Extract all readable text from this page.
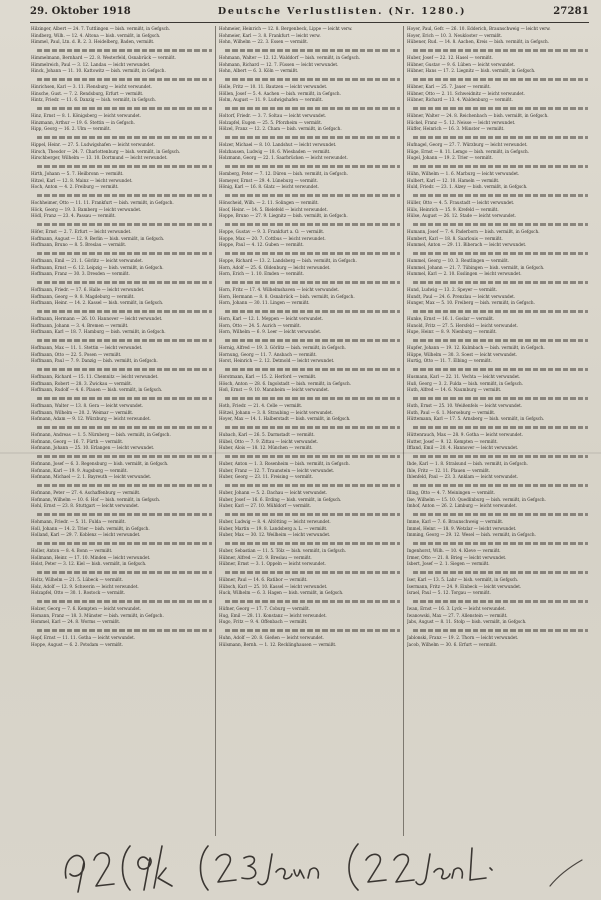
29. Oktober 1918	Deutsche Verlustlisten. (Nr. 1280.)	27281
Hilzinger, Albert — 24. 7. Tuttlingen — bish. vermißt, in Gefgsch.
Hindberg, Wilh. — 12. 4. Altona — bish. vermißt, in Gefgsch.
Himmel, Paul, Ltn. d. R. 2. 3. Heidelberg, Baden, vermißt.
Himmelmann, Bernhard — 22. 8. Westerfeld, Osnabrück — vermißt.
Himmelreich, Paul — 3. 12. Landau — leicht verwundet.
Hinck, Johann — 11. 10. Kattowitz — bish. vermißt, in Gefgsch.
Hinrichsen, Karl — 3. 11. Flensburg — leicht verwundet.
Hinsche, Gust. — 7. 2. Rendsburg, Erfurt — vermißt.
Hintz, Friedr. — 11. 6. Danzig — bish. vermißt, in Gefgsch.
Hinz, Ernst — 8. 1. Königsberg — leicht verwundet.
Hinzmann, Arthur — 19. 6. Stettin — in Gefgsch.
Hipp, Georg — 16. 2. Ulm — vermißt.
Hippel, Heinr. — 27. 5. Ludwigshafen — leicht verwundet.
Hirsch, Theodor — 24. 7. Charlottenburg — bish. vermißt, in Gefgsch.
Hirschberger, Wilhelm — 13. 10. Dortmund — leicht verwundet.
Hirth, Johann — 5. 7. Heilbronn — vermißt.
Hitzel, Karl — 12. 8. Mainz — leicht verwundet.
Hoch, Anton — 4. 2. Freiburg — vermißt.
Hochheimer, Otto — 11. 11. Frankfurt — bish. vermißt, in Gefgsch.
Höck, Georg — 19. 3. Bamberg — leicht verwundet.
Hödl, Franz — 23. 4. Passau — vermißt.
Höfer, Ernst — 2. 7. Erfurt — leicht verwundet.
Hoffmann, August — 12. 9. Berlin — bish. vermißt, in Gefgsch.
Hoffmann, Bruno — 8. 5. Breslau — vermißt.
Hoffmann, Emil — 21. 1. Görlitz — leicht verwundet.
Hoffmann, Ernst — 6. 12. Leipzig — bish. vermißt, in Gefgsch.
Hoffmann, Franz — 30. 3. Dresden — vermißt.
Hoffmann, Friedr. — 17. 6. Halle — leicht verwundet.
Hoffmann, Georg — 9. 8. Magdeburg — vermißt.
Hoffmann, Heinr. — 14. 2. Kassel — bish. vermißt, in Gefgsch.
Hoffmann, Hermann — 26. 10. Hannover — leicht verwundet.
Hoffmann, Johann — 3. 4. Bremen — vermißt.
Hoffmann, Karl — 18. 7. Hamburg — bish. vermißt, in Gefgsch.
Hoffmann, Max — 11. 1. Stettin — leicht verwundet.
Hoffmann, Otto — 22. 5. Posen — vermißt.
Hoffmann, Paul — 7. 9. Danzig — bish. vermißt, in Gefgsch.
Hoffmann, Richard — 15. 11. Chemnitz — leicht verwundet.
Hoffmann, Robert — 28. 3. Zwickau — vermißt.
Hoffmann, Rudolf — 4. 6. Plauen — bish. vermißt, in Gefgsch.
Hoffmann, Walter — 13. 8. Gera — leicht verwundet.
Hoffmann, Wilhelm — 20. 2. Weimar — vermißt.
Hofmann, Adam — 9. 12. Würzburg — leicht verwundet.
Hofmann, Andreas — 1. 5. Nürnberg — bish. vermißt, in Gefgsch.
Hofmann, Georg — 16. 7. Fürth — vermißt.
Hofmann, Johann — 25. 10. Erlangen — leicht verwundet.
Hofmann, Josef — 6. 3. Regensburg — bish. vermißt, in Gefgsch.
Hofmann, Karl — 19. 9. Augsburg — vermißt.
Hofmann, Michael — 2. 1. Bayreuth — leicht verwundet.
Hofmann, Peter — 27. 4. Aschaffenburg — vermißt.
Hofmann, Wilhelm — 10. 6. Hof — bish. vermißt, in Gefgsch.
Hohl, Ernst — 23. 8. Stuttgart — leicht verwundet.
Hohmann, Friedr. — 5. 11. Fulda — vermißt.
Holl, Johann — 14. 2. Trier — bish. vermißt, in Gefgsch.
Holland, Karl — 29. 7. Koblenz — leicht verwundet.
Holler, Anton — 8. 4. Bonn — vermißt.
Hollmann, Heinr. — 17. 10. Minden — leicht verwundet.
Holst, Peter — 3. 12. Kiel — bish. vermißt, in Gefgsch.
Holtz, Wilhelm — 21. 5. Lübeck — vermißt.
Holz, Adolf — 12. 9. Schwerin — leicht verwundet.
Holzapfel, Otto — 30. 1. Rostock — vermißt.
Holzer, Georg — 7. 6. Kempten — leicht verwundet.
Homann, Franz — 18. 3. Münster — bish. vermißt, in Gefgsch.
Hommel, Karl — 24. 8. Worms — vermißt.
Hopf, Ernst — 11. 11. Gotha — leicht verwundet.
Hoppe, August — 6. 2. Potsdam — vermißt.
Hohmeier, Heinrich — 12. 8. Bergenbeck, Lippe — leicht verw.
Hohmeier, Karl — 3. 8. Frankfurt — leicht verw.
Hohn, Wilhelm — 22. 3. Essen — vermißt.
Hohmann, Walter — 12. 12. Walddorf — bish. vermißt, in Gefgsch.
Hohmann, Richard — 12. 7. Füssen — leicht verwundet.
Hohn, Albert — 6. 3. Köln — vermißt.
Holle, Fritz — 10. 11. Bautzen — leicht verwundet.
Höllen, Josef — 5. 4. Aachen — bish. vermißt, in Gefgsch.
Holm, August — 11. 9. Ludwigshafen — vermißt.
Holtorf, Friedr. — 3. 7. Soltau — leicht verwundet.
Holzapfel, Eugen — 25. 5. Pforzheim — vermißt.
Hölzel, Franz — 12. 2. Cham — bish. vermißt, in Gefgsch.
Holzer, Michael — 8. 10. Landshut — leicht verwundet.
Holzhausen, Ludwig — 18. 6. Wiesbaden — vermißt.
Holzmann, Georg — 22. 1. Saarbrücken — leicht verwundet.
Homberg, Peter — 7. 12. Düren — bish. vermißt, in Gefgsch.
Homeyer, Ernst — 29. 4. Lüneburg — vermißt.
Hönig, Karl — 16. 8. Glatz — leicht verwundet.
Hönscheid, Wilh. — 2. 11. Solingen — vermißt.
Hoof, Heinr. — 14. 5. Bielefeld — leicht verwundet.
Hoppe, Bruno — 27. 9. Liegnitz — bish. vermißt, in Gefgsch.
Hoppe, Gustav — 9. 3. Frankfurt a. O. — vermißt.
Hoppe, Max — 20. 7. Cottbus — leicht verwundet.
Hoppe, Paul — 4. 12. Guben — vermißt.
Hoppe, Richard — 13. 2. Landsberg — bish. vermißt, in Gefgsch.
Horn, Adolf — 25. 6. Oldenburg — leicht verwundet.
Horn, Erich — 1. 10. Emden — vermißt.
Horn, Fritz — 17. 4. Wilhelmshaven — leicht verwundet.
Horn, Hermann — 8. 8. Osnabrück — bish. vermißt, in Gefgsch.
Horn, Johann — 30. 11. Lingen — vermißt.
Horn, Karl — 12. 1. Meppen — leicht verwundet.
Horn, Otto — 24. 5. Aurich — vermißt.
Horn, Wilhelm — 6. 9. Leer — leicht verwundet.
Hornig, Alfred — 19. 3. Görlitz — bish. vermißt, in Gefgsch.
Hornung, Georg — 11. 7. Ansbach — vermißt.
Horst, Heinrich — 2. 12. Detmold — leicht verwundet.
Horstmann, Karl — 15. 2. Herford — vermißt.
Hösch, Anton — 28. 6. Ingolstadt — bish. vermißt, in Gefgsch.
Hoß, Ernst — 9. 10. Mannheim — leicht verwundet.
Hoth, Friedr. — 21. 4. Celle — vermißt.
Hötzel, Johann — 3. 8. Straubing — leicht verwundet.
Hoyer, Max — 14. 1. Halberstadt — bish. vermißt, in Gefgsch.
Hubach, Karl — 26. 5. Darmstadt — vermißt.
Hübel, Otto — 7. 9. Zittau — leicht verwundet.
Huber, Alois — 18. 12. München — vermißt.
Huber, Anton — 1. 3. Rosenheim — bish. vermißt, in Gefgsch.
Huber, Franz — 12. 7. Traunstein — leicht verwundet.
Huber, Georg — 23. 11. Freising — vermißt.
Huber, Johann — 5. 2. Dachau — leicht verwundet.
Huber, Josef — 16. 6. Erding — bish. vermißt, in Gefgsch.
Huber, Karl — 27. 10. Mühldorf — vermißt.
Huber, Ludwig — 8. 4. Altötting — leicht verwundet.
Huber, Martin — 19. 8. Landsberg a. L. — vermißt.
Huber, Max — 30. 12. Weilheim — leicht verwundet.
Huber, Sebastian — 11. 5. Tölz — bish. vermißt, in Gefgsch.
Hübner, Alfred — 22. 9. Breslau — vermißt.
Hübner, Ernst — 3. 1. Oppeln — leicht verwundet.
Hübner, Paul — 14. 6. Ratibor — vermißt.
Hübsch, Karl — 25. 10. Kassel — leicht verwundet.
Huck, Wilhelm — 6. 3. Hagen — bish. vermißt, in Gefgsch.
Hüfner, Georg — 17. 7. Coburg — vermißt.
Hug, Emil — 28. 11. Konstanz — leicht verwundet.
Hugo, Fritz — 9. 4. Offenbach — vermißt.
Huhn, Adolf — 20. 8. Gießen — leicht verwundet.
Hülsmann, Bernh. — 1. 12. Recklinghausen — vermißt.
Hoyer, Paul, Gefr. — 26. 10. Edderich, Braunschweig — leicht verw.
Hoyer, Erich — 10. 3. Neukloster — vermißt.
Hübener, Rud. — 14. 8. Aachen, Kreis — bish. vermißt, in Gefgsch.
Huber, Josef — 22. 12. Hasel — vermißt.
Hübner, Gustav — 9. 6. Lüben — leicht verwundet.
Hübner, Hans — 17. 2. Liegnitz — bish. vermißt, in Gefgsch.
Hübner, Karl — 25. 7. Jauer — vermißt.
Hübner, Otto — 2. 11. Schweidnitz — leicht verwundet.
Hübner, Richard — 13. 4. Waldenburg — vermißt.
Hübner, Walter — 24. 8. Reichenbach — bish. vermißt, in Gefgsch.
Hückel, Franz — 5. 12. Neisse — leicht verwundet.
Hüffer, Heinrich — 16. 3. Münster — vermißt.
Hufnagel, Georg — 27. 7. Würzburg — leicht verwundet.
Hüge, Ernst — 8. 11. Lemgo — bish. vermißt, in Gefgsch.
Hugel, Johann — 19. 2. Trier — vermißt.
Hühn, Wilhelm — 1. 6. Marburg — leicht verwundet.
Hulbert, Karl — 12. 10. Hameln — vermißt.
Huld, Friedr. — 23. 1. Alzey — bish. vermißt, in Gefgsch.
Hüller, Otto — 4. 5. Fraustadt — leicht verwundet.
Hüls, Heinrich — 15. 9. Krefeld — vermißt.
Hülse, August — 26. 12. Stade — leicht verwundet.
Humann, Josef — 7. 4. Paderborn — bish. vermißt, in Gefgsch.
Humbert, Karl — 18. 8. Saarlouis — vermißt.
Hummel, Anton — 29. 11. Biberach — leicht verwundet.
Hummel, Georg — 10. 3. Reutlingen — vermißt.
Hummel, Johann — 21. 7. Tübingen — bish. vermißt, in Gefgsch.
Hummel, Karl — 2. 10. Esslingen — leicht verwundet.
Hund, Ludwig — 13. 2. Speyer — vermißt.
Hundt, Paul — 24. 6. Prenzlau — leicht verwundet.
Hunger, Max — 5. 10. Freiberg — bish. vermißt, in Gefgsch.
Hunke, Ernst — 16. 1. Goslar — vermißt.
Hunold, Fritz — 27. 5. Hersfeld — leicht verwundet.
Hupe, Heinr. — 8. 9. Nienburg — vermißt.
Hupfer, Johann — 19. 12. Kulmbach — bish. vermißt, in Gefgsch.
Hüppe, Wilhelm — 30. 3. Soest — leicht verwundet.
Hurtig, Otto — 11. 7. Elbing — vermißt.
Husmann, Karl — 22. 11. Vechta — leicht verwundet.
Huß, Georg — 3. 2. Fulda — bish. vermißt, in Gefgsch.
Huth, Alfred — 14. 6. Naumburg — vermißt.
Huth, Ernst — 25. 10. Weißenfels — leicht verwundet.
Huth, Paul — 6. 1. Merseburg — vermißt.
Hüttemann, Karl — 17. 5. Arnsberg — bish. vermißt, in Gefgsch.
Hüttenrauch, Max — 28. 9. Gotha — leicht verwundet.
Hutter, Josef — 9. 12. Kempten — vermißt.
Iffland, Emil — 20. 4. Hannover — leicht verwundet.
Ihde, Karl — 1. 8. Stralsund — bish. vermißt, in Gefgsch.
Ihle, Fritz — 12. 11. Plauen — vermißt.
Ihlenfeld, Paul — 23. 3. Anklam — leicht verwundet.
Illing, Otto — 4. 7. Meiningen — vermißt.
Ilse, Wilhelm — 15. 10. Quedlinburg — bish. vermißt, in Gefgsch.
Imhof, Anton — 26. 2. Limburg — leicht verwundet.
Imme, Karl — 7. 6. Braunschweig — vermißt.
Immel, Heinr. — 18. 9. Wetzlar — leicht verwundet.
Imming, Georg — 29. 12. Wesel — bish. vermißt, in Gefgsch.
Ingenhorst, Wilh. — 10. 4. Kleve — vermißt.
Irmer, Otto — 21. 8. Brieg — leicht verwundet.
Isbert, Josef — 2. 1. Siegen — vermißt.
Iser, Karl — 13. 5. Lahr — bish. vermißt, in Gefgsch.
Isermann, Fritz — 24. 9. Einbeck — leicht verwundet.
Israel, Paul — 5. 12. Torgau — vermißt.
Iwan, Ernst — 16. 3. Lyck — leicht verwundet.
Iwanowski, Max — 27. 7. Allenstein — vermißt.
Jabs, August — 8. 11. Stolp — bish. vermißt, in Gefgsch.
Jablonski, Franz — 19. 2. Thorn — leicht verwundet.
Jacob, Wilhelm — 30. 6. Erfurt — vermißt.
